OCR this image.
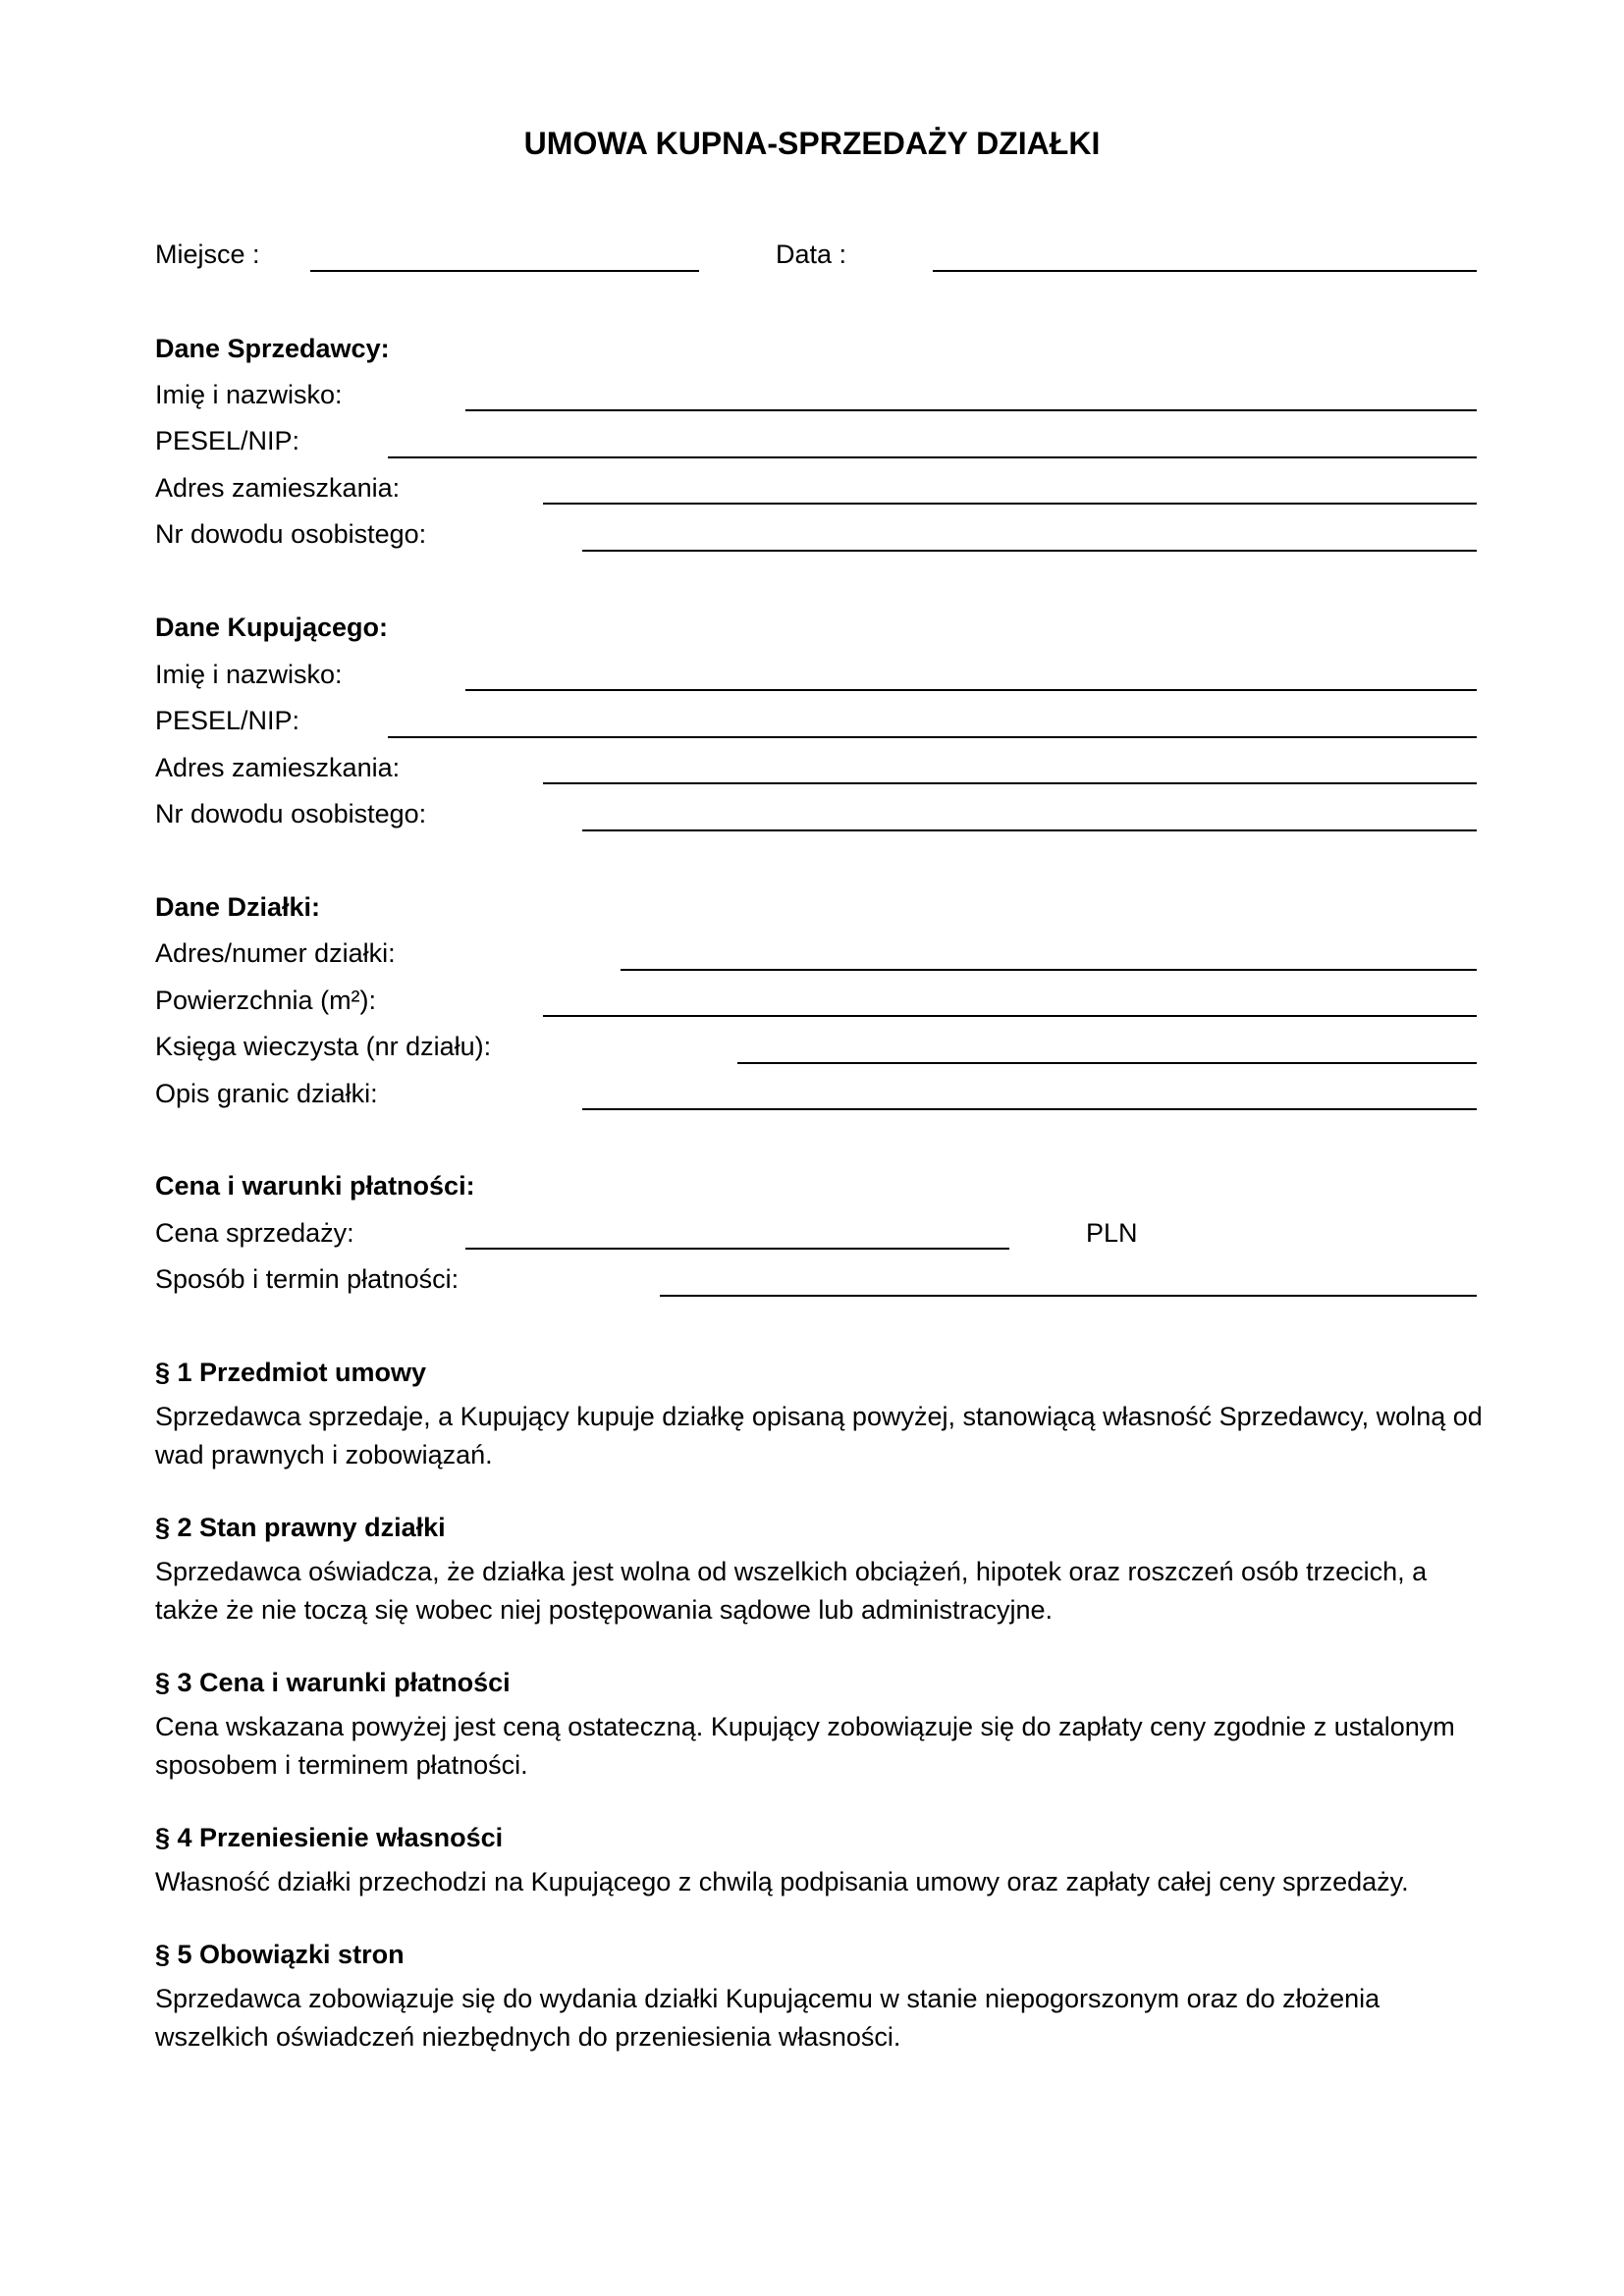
UMOWA KUPNA-SPRZEDAŻY DZIAŁKI
Miejsce :	Data :
Dane Sprzedawcy:
Imię i nazwisko:
PESEL/NIP:
Adres zamieszkania:
Nr dowodu osobistego:
Dane Kupującego:
Imię i nazwisko:
PESEL/NIP:
Adres zamieszkania:
Nr dowodu osobistego:
Dane Działki:
Adres/numer działki:
Powierzchnia (m²):
Księga wieczysta (nr działu):
Opis granic działki:
Cena i warunki płatności:
Cena sprzedaży:	PLN
Sposób i termin płatności:
§ 1 Przedmiot umowy
Sprzedawca sprzedaje, a Kupujący kupuje działkę opisaną powyżej, stanowiącą własność Sprzedawcy, wolną od wad prawnych i zobowiązań.
§ 2 Stan prawny działki
Sprzedawca oświadcza, że działka jest wolna od wszelkich obciążeń, hipotek oraz roszczeń osób trzecich, a także że nie toczą się wobec niej postępowania sądowe lub administracyjne.
§ 3 Cena i warunki płatności
Cena wskazana powyżej jest ceną ostateczną. Kupujący zobowiązuje się do zapłaty ceny zgodnie z ustalonym sposobem i terminem płatności.
§ 4 Przeniesienie własności
Własność działki przechodzi na Kupującego z chwilą podpisania umowy oraz zapłaty całej ceny sprzedaży.
§ 5 Obowiązki stron
Sprzedawca zobowiązuje się do wydania działki Kupującemu w stanie niepogorszonym oraz do złożenia wszelkich oświadczeń niezbędnych do przeniesienia własności.
